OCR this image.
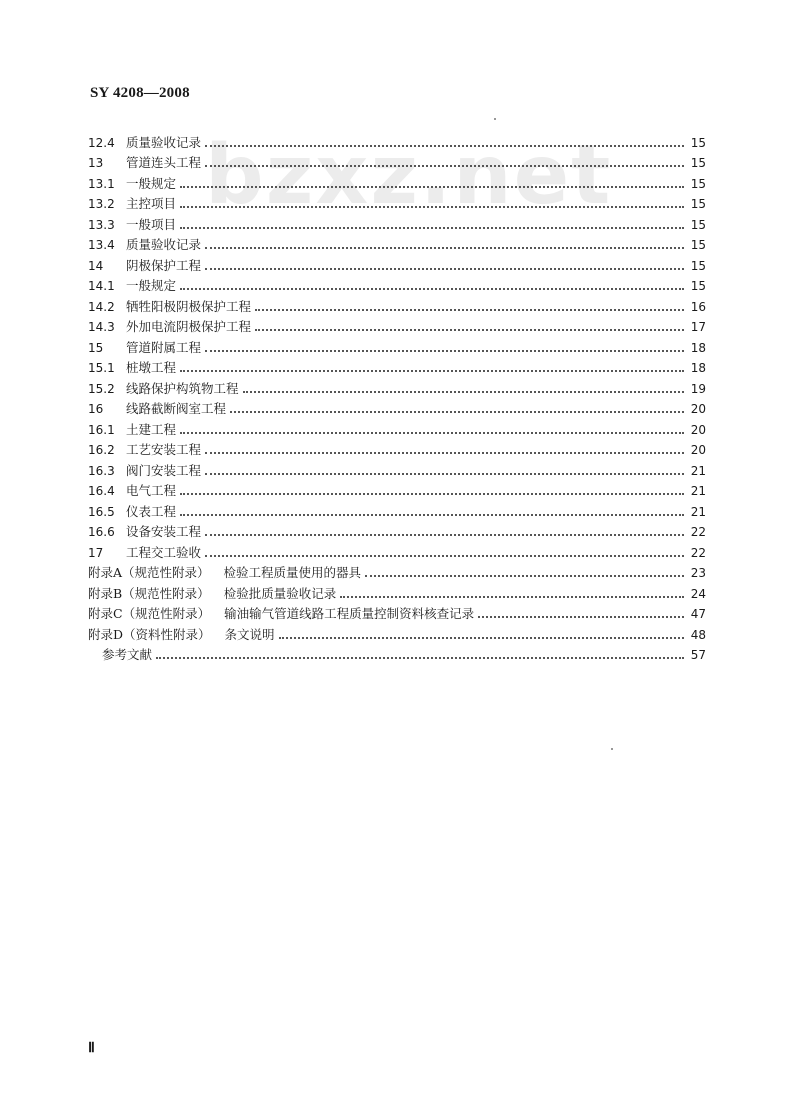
SY 4208—2008
bzxz.net
12.4 质量验收记录	15
13	管道连头工程	15
13.1 一般规定	15
13.2 主控项目	15
13.3 一般项目	15
13.4 质量验收记录	15
14	阴极保护工程	15
14.1 一般规定	15
14.2 牺牲阳极阴极保护工程	16
14.3 外加电流阴极保护工程	17
15	管道附属工程	18
15.1 桩墩工程	18
15.2 线路保护构筑物工程	19
16	线路截断阀室工程	20
16.1 土建工程	20
16.2 工艺安装工程	20
16.3 阀门安装工程	21
16.4 电气工程	21
16.5 仪表工程	21
16.6 设备安装工程	22
17	工程交工验收	22
附录A（规范性附录） 检验工程质量使用的器具	23
附录B（规范性附录） 检验批质量验收记录	24
附录C（规范性附录） 输油输气管道线路工程质量控制资料核查记录	47
附录D（资料性附录） 条文说明	48
参考文献	57
Ⅱ
